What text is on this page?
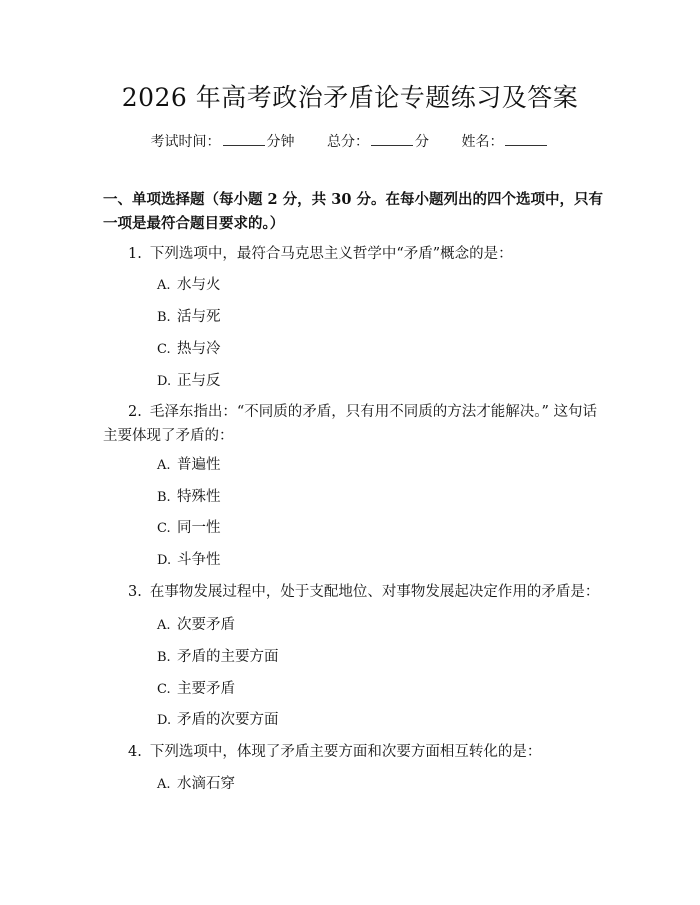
2026 年高考政治矛盾论专题练习及答案
考试时间：	分钟 总分：	分 姓名：
一、单项选择题（每小题 2 分，共 30 分。在每小题列出的四个选项中，只有一项是最符合题目要求的。）
1. 下列选项中，最符合马克思主义哲学中“矛盾”概念的是：
A. 水与火
B. 活与死
C. 热与冷
D. 正与反
2. 毛泽东指出：“不同质的矛盾，只有用不同质的方法才能解决。” 这句话主要体现了矛盾的：
A. 普遍性
B. 特殊性
C. 同一性
D. 斗争性
3. 在事物发展过程中，处于支配地位、对事物发展起决定作用的矛盾是：
A. 次要矛盾
B. 矛盾的主要方面
C. 主要矛盾
D. 矛盾的次要方面
4. 下列选项中，体现了矛盾主要方面和次要方面相互转化的是：
A. 水滴石穿
